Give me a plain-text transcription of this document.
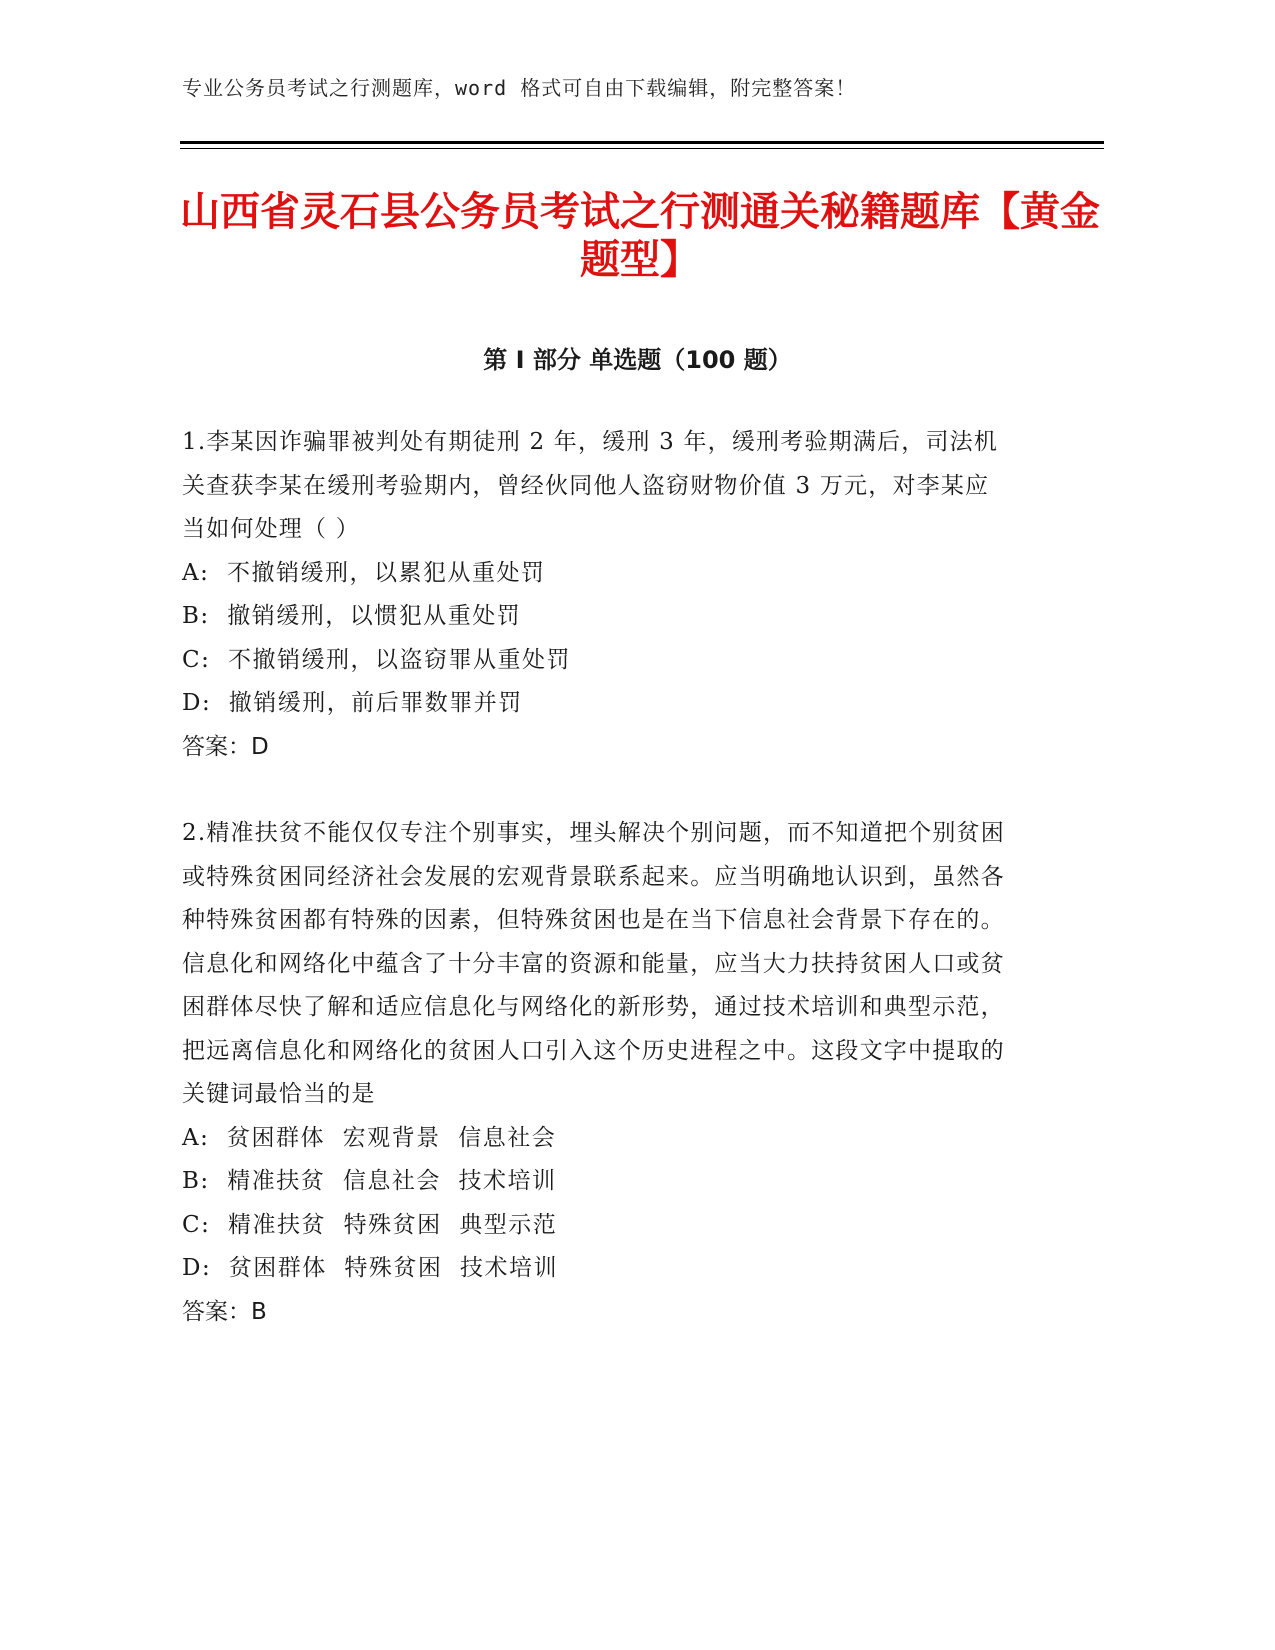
专业公务员考试之行测题库，word 格式可自由下载编辑，附完整答案！
山西省灵石县公务员考试之行测通关秘籍题库【黄金题型】
第 I 部分 单选题（100 题）

1.李某因诈骗罪被判处有期徒刑 2 年，缓刑 3 年，缓刑考验期满后，司法机关查获李某在缓刑考验期内，曾经伙同他人盗窃财物价值 3 万元，对李某应当如何处理（ ）

A:  不撤销缓刑，以累犯从重处罚

B:  撤销缓刑，以惯犯从重处罚

C:  不撤销缓刑，以盗窃罪从重处罚

D:  撤销缓刑，前后罪数罪并罚

答案：D

2.精准扶贫不能仅仅专注个别事实，埋头解决个别问题，而不知道把个别贫困或特殊贫困同经济社会发展的宏观背景联系起来。应当明确地认识到，虽然各种特殊贫困都有特殊的因素，但特殊贫困也是在当下信息社会背景下存在的。信息化和网络化中蕴含了十分丰富的资源和能量，应当大力扶持贫困人口或贫困群体尽快了解和适应信息化与网络化的新形势，通过技术培训和典型示范，把远离信息化和网络化的贫困人口引入这个历史进程之中。这段文字中提取的关键词最恰当的是

A:  贫困群体  宏观背景  信息社会

B:  精准扶贫  信息社会  技术培训

C:  精准扶贫  特殊贫困  典型示范

D:  贫困群体  特殊贫困  技术培训

答案：B
